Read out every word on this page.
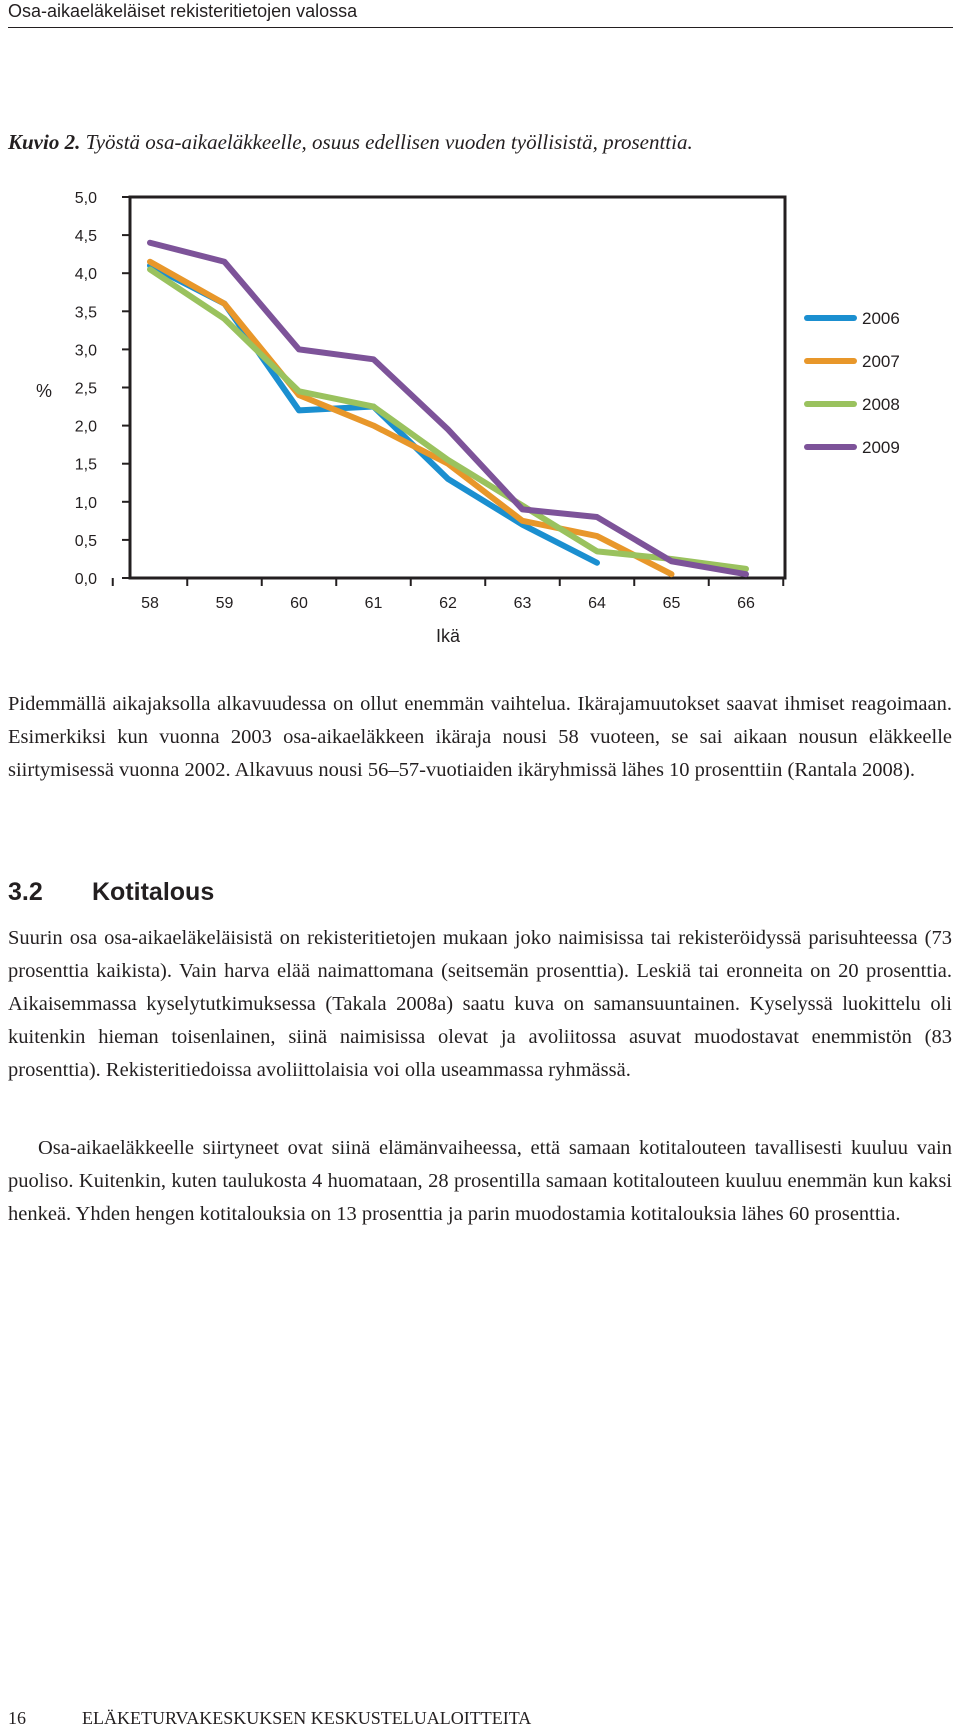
Osa-aikaeläkeläiset rekisteritietojen valossa
Kuvio 2. Työstä osa-aikaeläkkeelle, osuus edellisen vuoden työllisistä, prosenttia.
0,0
0,5
1,0
1,5
2,0
2,5
3,0
3,5
4,0
4,5
5,0
58	59	60	61	62	63	64	65	66
2006
2007
2008
2009
%
Ikä

Pidemmällä aikajaksolla alkavuudessa on ollut enemmän vaihtelua. Ikärajamuutokset saavat ihmiset reagoimaan. Esimerkiksi kun vuonna 2003 osa-aikaeläkkeen ikäraja nousi 58 vuoteen, se sai aikaan nousun eläkkeelle siirtymisessä vuonna 2002. Alkavuus nousi 56–57-vuotiaiden ikäryhmissä lähes 10 prosenttiin (Rantala 2008).

3.2 Kotitalous

Suurin osa osa-aikaeläkeläisistä on rekisteritietojen mukaan joko naimisissa tai rekisteröidyssä parisuhteessa (73 prosenttia kaikista). Vain harva elää naimattomana (seitsemän prosenttia). Leskiä tai eronneita on 20 prosenttia. Aikaisemmassa kyselytutkimuksessa (Takala 2008a) saatu kuva on samansuuntainen. Kyselyssä luokittelu oli kuitenkin hieman toisenlainen, siinä naimisissa olevat ja avoliitossa asuvat muodostavat enemmistön (83 prosenttia). Rekisteritiedoissa avoliittolaisia voi olla useammassa ryhmässä.

Osa-aikaeläkkeelle siirtyneet ovat siinä elämänvaiheessa, että samaan kotitalouteen tavallisesti kuuluu vain puoliso. Kuitenkin, kuten taulukosta 4 huomataan, 28 prosentilla samaan kotitalouteen kuuluu enemmän kun kaksi henkeä. Yhden hengen kotitalouksia on 13 prosenttia ja parin muodostamia kotitalouksia lähes 60 prosenttia.

16	ELÄKETURVAKESKUKSEN KESKUSTELUALOITTEITA
